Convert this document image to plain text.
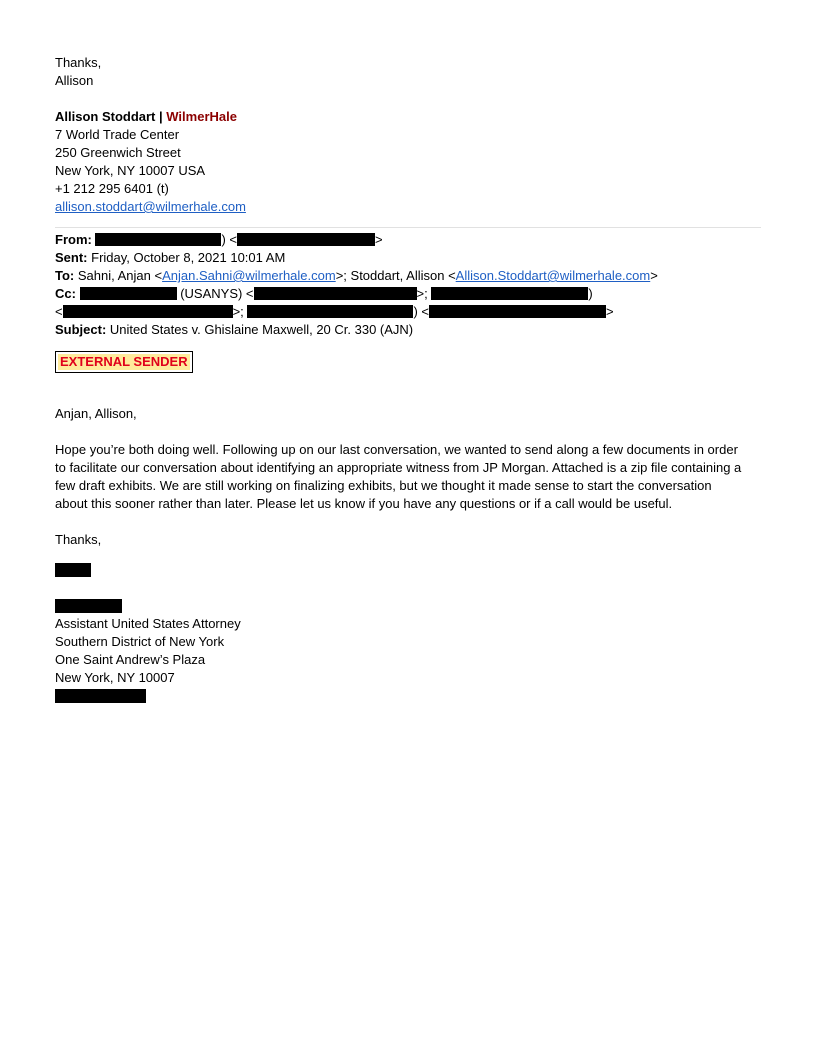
Thanks,
Allison
Allison Stoddart | WilmerHale
7 World Trade Center
250 Greenwich Street
New York, NY 10007 USA
+1 212 295 6401 (t)
allison.stoddart@wilmerhale.com
From:	) <	>
Sent: Friday, October 8, 2021 10:01 AM
To: Sahni, Anjan <Anjan.Sahni@wilmerhale.com>; Stoddart, Allison <Allison.Stoddart@wilmerhale.com>
Cc:	(USANYS) <	>;	)
<	>;	) <	>
Subject: United States v. Ghislaine Maxwell, 20 Cr. 330 (AJN)
EXTERNAL SENDER
Anjan, Allison,
Hope you’re both doing well. Following up on our last conversation, we wanted to send along a few documents in order to facilitate our conversation about identifying an appropriate witness from JP Morgan. Attached is a zip file containing a few draft exhibits. We are still working on finalizing exhibits, but we thought it made sense to start the conversation about this sooner rather than later. Please let us know if you have any questions or if a call would be useful.
Thanks,
Assistant United States Attorney
Southern District of New York
One Saint Andrew’s Plaza
New York, NY 10007
